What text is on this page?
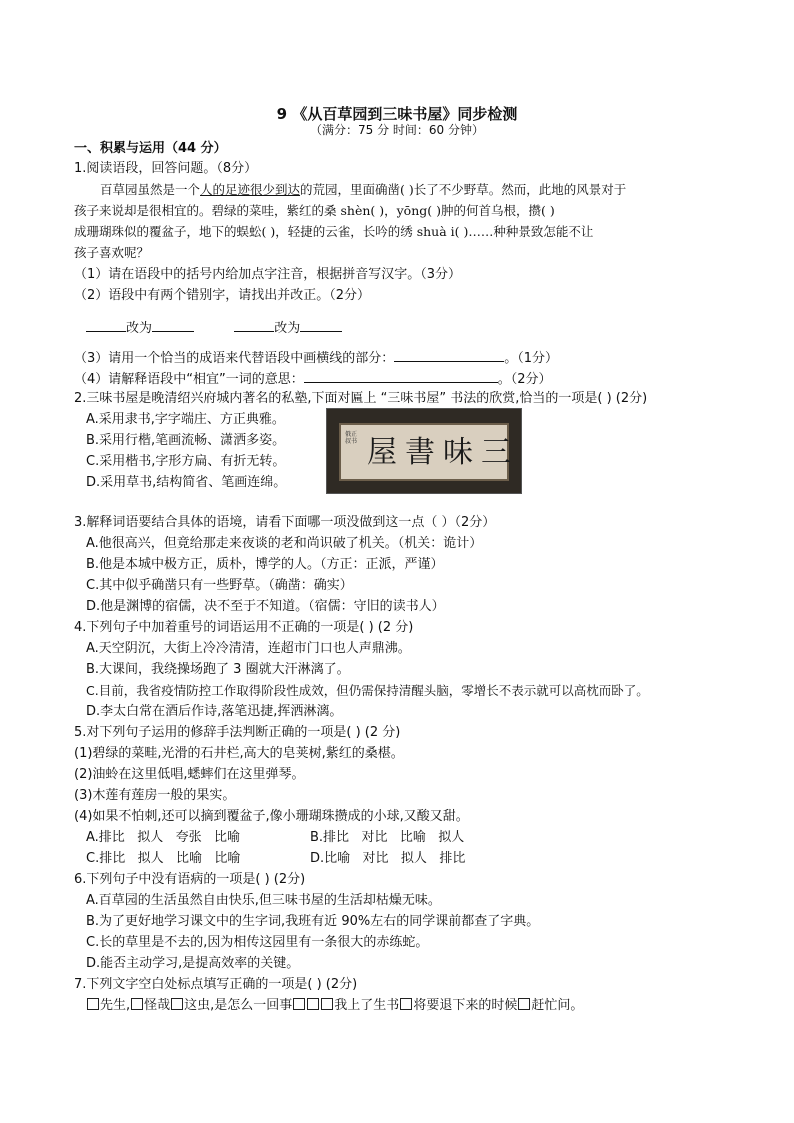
9 《从百草园到三味书屋》同步检测
（满分：75 分 时间：60 分钟）
一、积累与运用（44 分）
1.阅读语段，回答问题。（8分）
百草园虽然是一个人的足迹很少到达的荒园，里面确凿( )长了不少野草。然而，此地的风景对于
孩子来说却是很相宜的。碧绿的菜哇，紫红的桑 shèn( )，yōng( )肿的何首乌根，攒( )
成珊瑚珠似的覆盆子，地下的蜈蚣( )，轻捷的云雀，长吟的绣 shuà i( )……种种景致怎能不让
孩子喜欢呢？
（1）请在语段中的括号内给加点字注音，根据拼音写汉字。（3分）
（2）语段中有两个错别字，请找出并改正。（2分）
改为	改为
（3）请用一个恰当的成语来代替语段中画横线的部分：	。（1分）
（4）请解释语段中“相宜”一词的意思：	。（2分）
2.三味书屋是晚清绍兴府城内著名的私塾,下面对匾上 “三味书屋” 书法的欣赏,恰当的一项是( ) (2分)
A.采用隶书,字字端庄、方正典雅。
B.采用行楷,笔画流畅、潇洒多姿。
C.采用楷书,字形方扁、有折无转。
D.采用草书,结构简省、笔画连绵。
俄正叔书 屋 書 味 三
3.解释词语要结合具体的语境，请看下面哪一项没做到这一点（ ）（2分）
A.他很高兴，但竟给那走来夜谈的老和尚识破了机关。（机关：诡计）
B.他是本城中极方正，质朴，博学的人。（方正：正派，严谨）
C.其中似乎确凿只有一些野草。（确凿：确实）
D.他是渊博的宿儒，决不至于不知道。（宿儒：守旧的读书人）
4.下列句子中加着重号的词语运用不正确的一项是( ) (2 分)
A.天空阴沉，大街上冷冷清清，连超市门口也人声鼎沸。
B.大课间，我绕操场跑了 3 圈就大汗淋漓了。
C.目前，我省疫情防控工作取得阶段性成效，但仍需保持清醒头脑，零增长不表示就可以高枕而卧了。
D.李太白常在酒后作诗,落笔迅捷,挥洒淋漓。
5.对下列句子运用的修辞手法判断正确的一项是( ) (2 分)
(1)碧绿的菜畦,光滑的石井栏,高大的皂荚树,紫红的桑椹。
(2)油蛉在这里低唱,蟋蟀们在这里弹琴。
(3)木莲有莲房一般的果实。
(4)如果不怕刺,还可以摘到覆盆子,像小珊瑚珠攒成的小球,又酸又甜。
A.排比   拟人   夸张   比喻	B.排比   对比   比喻   拟人
C.排比   拟人   比喻   比喻	D.比喻   对比   拟人   排比
6.下列句子中没有语病的一项是( ) (2分)
A.百草园的生活虽然自由快乐,但三味书屋的生活却枯燥无味。
B.为了更好地学习课文中的生字词,我班有近 90%左右的同学课前都查了字典。
C.长的草里是不去的,因为相传这园里有一条很大的赤练蛇。
D.能否主动学习,是提高效率的关键。
7.下列文字空白处标点填写正确的一项是( ) (2分)
先生, 怪哉 这虫,是怎么一回事	我上了生书 将要退下来的时候 赶忙问。
